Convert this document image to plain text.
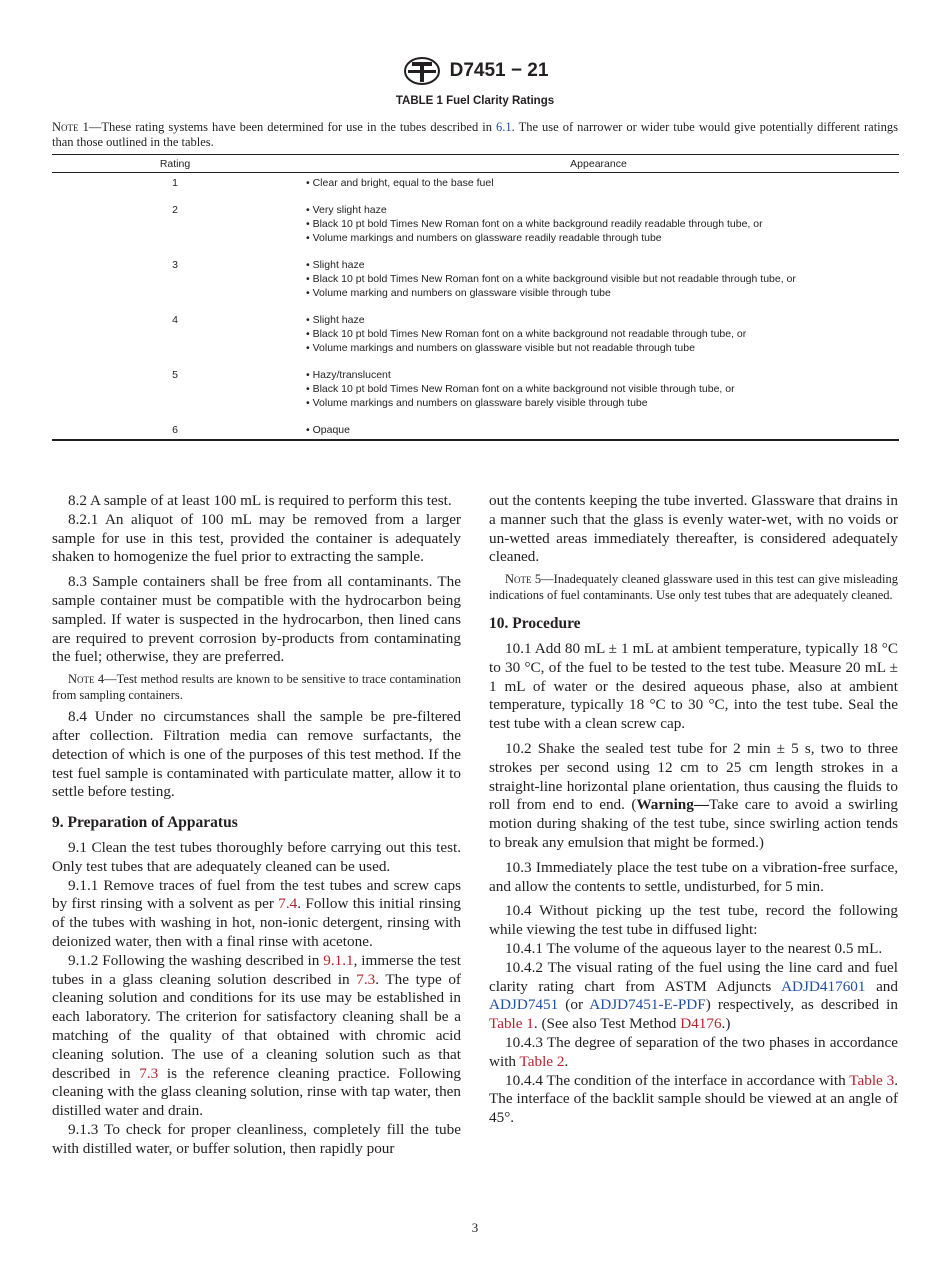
D7451 − 21
TABLE 1 Fuel Clarity Ratings
Note 1—These rating systems have been determined for use in the tubes described in 6.1. The use of narrower or wider tube would give potentially different ratings than those outlined in the tables.
Rating	Appearance
1	• Clear and bright, equal to the base fuel

2	• Very slight haze
• Black 10 pt bold Times New Roman font on a white background readily readable through tube, or
• Volume markings and numbers on glassware readily readable through tube

3	• Slight haze
• Black 10 pt bold Times New Roman font on a white background visible but not readable through tube, or
• Volume marking and numbers on glassware visible through tube

4	• Slight haze
• Black 10 pt bold Times New Roman font on a white background not readable through tube, or
• Volume markings and numbers on glassware visible but not readable through tube

5	• Hazy/translucent
• Black 10 pt bold Times New Roman font on a white background not visible through tube, or
• Volume markings and numbers on glassware barely visible through tube

6	• Opaque

8.2 A sample of at least 100 mL is required to perform this test.

8.2.1 An aliquot of 100 mL may be removed from a larger sample for use in this test, provided the container is adequately shaken to homogenize the fuel prior to extracting the sample.

8.3 Sample containers shall be free from all contaminants. The sample container must be compatible with the hydrocarbon being sampled. If water is suspected in the hydrocarbon, then lined cans are required to prevent corrosion by-products from contaminating the fuel; otherwise, they are preferred.

Note 4—Test method results are known to be sensitive to trace contamination from sampling containers.

8.4 Under no circumstances shall the sample be pre-filtered after collection. Filtration media can remove surfactants, the detection of which is one of the purposes of this test method. If the test fuel sample is contaminated with particulate matter, allow it to settle before testing.

9. Preparation of Apparatus

9.1 Clean the test tubes thoroughly before carrying out this test. Only test tubes that are adequately cleaned can be used.

9.1.1 Remove traces of fuel from the test tubes and screw caps by first rinsing with a solvent as per 7.4. Follow this initial rinsing of the tubes with washing in hot, non-ionic detergent, rinsing with deionized water, then with a final rinse with acetone.

9.1.2 Following the washing described in 9.1.1, immerse the test tubes in a glass cleaning solution described in 7.3. The type of cleaning solution and conditions for its use may be established in each laboratory. The criterion for satisfactory cleaning shall be a matching of the quality of that obtained with chromic acid cleaning solution. The use of a cleaning solution such as that described in 7.3 is the reference cleaning practice. Following cleaning with the glass cleaning solution, rinse with tap water, then distilled water and drain.

9.1.3 To check for proper cleanliness, completely fill the tube with distilled water, or buffer solution, then rapidly pour

out the contents keeping the tube inverted. Glassware that drains in a manner such that the glass is evenly water-wet, with no voids or un-wetted areas immediately thereafter, is considered adequately cleaned.

Note 5—Inadequately cleaned glassware used in this test can give misleading indications of fuel contaminants. Use only test tubes that are adequately cleaned.

10. Procedure

10.1 Add 80 mL ± 1 mL at ambient temperature, typically 18 °C to 30 °C, of the fuel to be tested to the test tube. Measure 20 mL ± 1 mL of water or the desired aqueous phase, also at ambient temperature, typically 18 °C to 30 °C, into the test tube. Seal the test tube with a clean screw cap.

10.2 Shake the sealed test tube for 2 min ± 5 s, two to three strokes per second using 12 cm to 25 cm length strokes in a straight-line horizontal plane orientation, thus causing the fluids to roll from end to end. (Warning—Take care to avoid a swirling motion during shaking of the test tube, since swirling action tends to break any emulsion that might be formed.)

10.3 Immediately place the test tube on a vibration-free surface, and allow the contents to settle, undisturbed, for 5 min.

10.4 Without picking up the test tube, record the following while viewing the test tube in diffused light:

10.4.1 The volume of the aqueous layer to the nearest 0.5 mL.

10.4.2 The visual rating of the fuel using the line card and fuel clarity rating chart from ASTM Adjuncts ADJD417601 and ADJD7451 (or ADJD7451-E-PDF) respectively, as described in Table 1. (See also Test Method D4176.)

10.4.3 The degree of separation of the two phases in accordance with Table 2.

10.4.4 The condition of the interface in accordance with Table 3. The interface of the backlit sample should be viewed at an angle of 45°.

3
